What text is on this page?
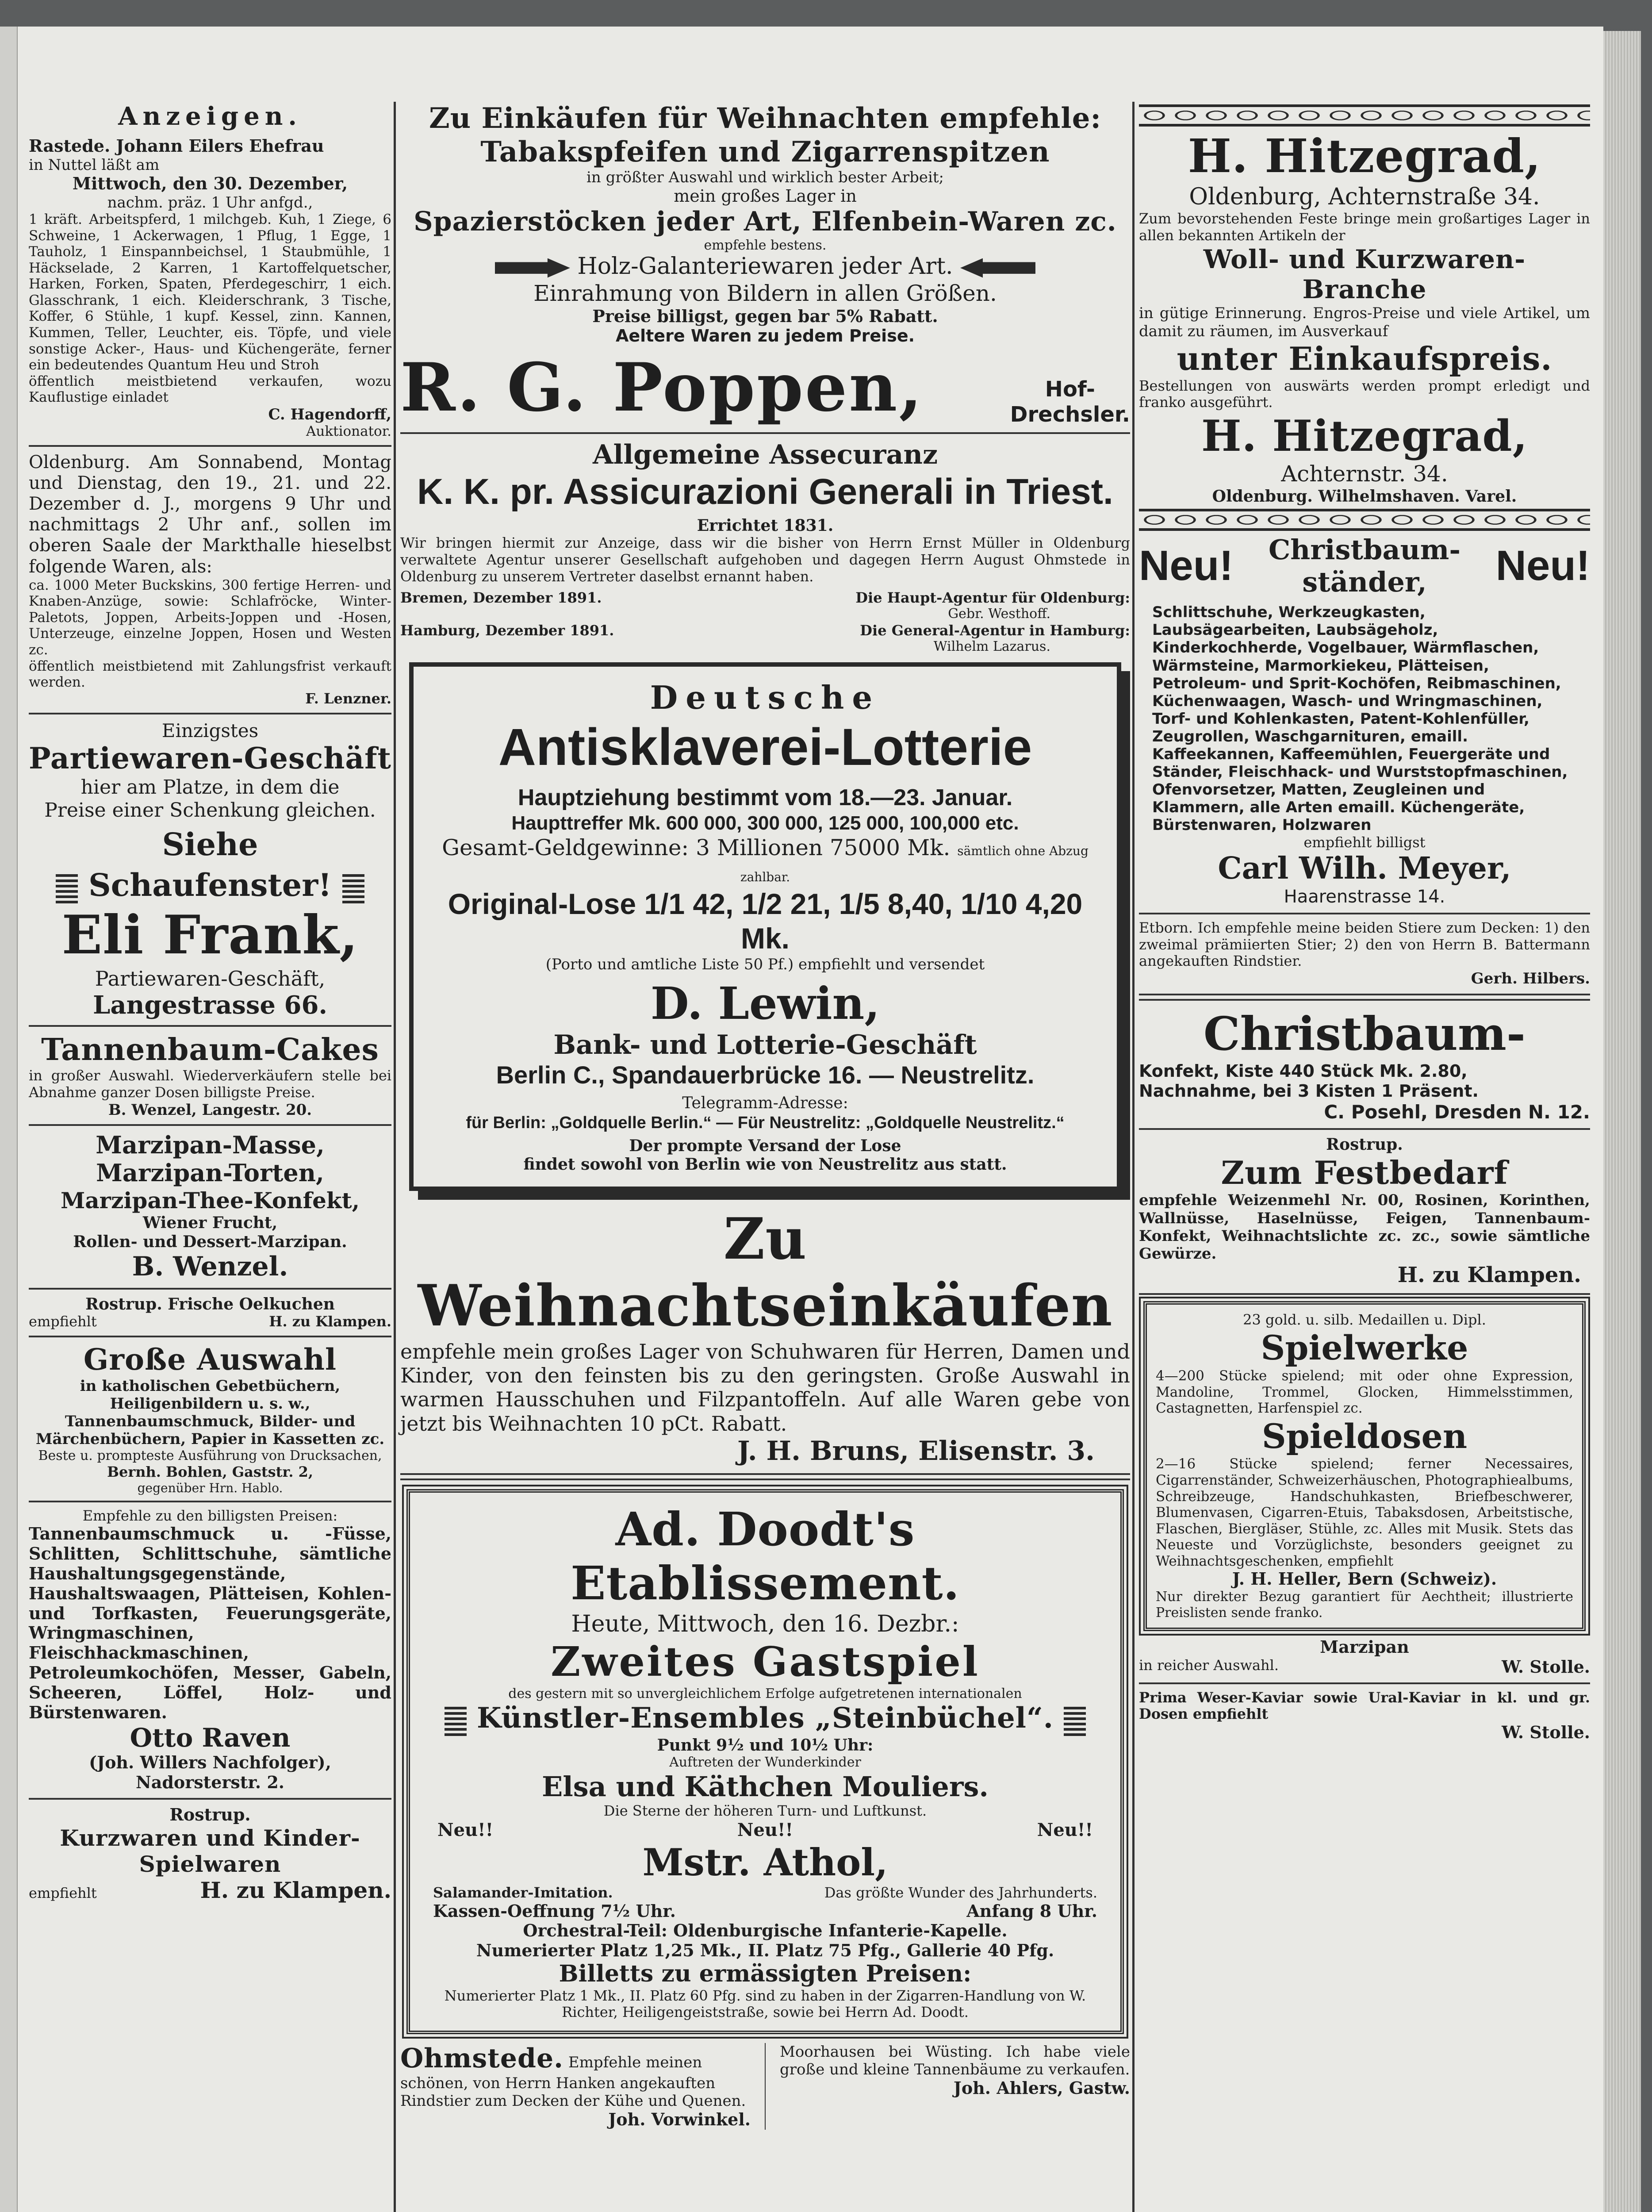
Anzeigen.

Rastede. Johann Eilers Ehefrau

in Nuttel läßt am

Mittwoch, den 30. Dezember,

nachm. präz. 1 Uhr anfgd.,

1 kräft. Arbeitspferd, 1 milchgeb. Kuh, 1 Ziege, 6 Schweine, 1 Ackerwagen, 1 Pflug, 1 Egge, 1 Tauholz, 1 Einspannbeichsel, 1 Staubmühle, 1 Häckselade, 2 Karren, 1 Kartoffelquetscher, Harken, Forken, Spaten, Pferdegeschirr, 1 eich. Glasschrank, 1 eich. Kleiderschrank, 3 Tische, Koffer, 6 Stühle, 1 kupf. Kessel, zinn. Kannen, Kummen, Teller, Leuchter, eis. Töpfe, und viele sonstige Acker-, Haus- und Küchengeräte, ferner ein bedeutendes Quantum Heu und Stroh

öffentlich meistbietend verkaufen, wozu Kauflustige einladet

C. Hagendorff,

Auktionator.

Oldenburg. Am Sonnabend, Montag und Dienstag, den 19., 21. und 22. Dezember d. J., morgens 9 Uhr und nachmittags 2 Uhr anf., sollen im oberen Saale der Markthalle hieselbst folgende Waren, als:

ca. 1000 Meter Buckskins, 300 fertige Herren- und Knaben-Anzüge, sowie: Schlafröcke, Winter-Paletots, Joppen, Arbeits-Joppen und -Hosen, Unterzeuge, einzelne Joppen, Hosen und Westen zc.

öffentlich meistbietend mit Zahlungsfrist verkauft werden.

F. Lenzner.

Einzigstes

Partiewaren-Geschäft

hier am Platze, in dem die

Preise einer Schenkung gleichen.

Siehe

Schaufenster!

Eli Frank,

Partiewaren-Geschäft,

Langestrasse 66.

Tannenbaum-Cakes

in großer Auswahl. Wiederverkäufern stelle bei Abnahme ganzer Dosen billigste Preise.

B. Wenzel, Langestr. 20.

Marzipan-Masse,

Marzipan-Torten,

Marzipan-Thee-Konfekt,

Wiener Frucht,

Rollen- und Dessert-Marzipan.

B. Wenzel.

Rostrup. Frische Oelkuchen

empfiehlt	H. zu Klampen.

Große Auswahl

in katholischen Gebetbüchern, Heiligenbildern u. s. w., Tannenbaumschmuck, Bilder- und Märchenbüchern, Papier in Kassetten zc.

Beste u. prompteste Ausführung von Drucksachen,

Bernh. Bohlen, Gaststr. 2,

gegenüber Hrn. Hablo.

Empfehle zu den billigsten Preisen:

Tannenbaumschmuck u. -Füsse, Schlitten, Schlittschuhe, sämtliche Haushaltungsgegenstände, Haushaltswaagen, Plätteisen, Kohlen- und Torfkasten, Feuerungsgeräte, Wringmaschinen, Fleischhackmaschinen, Petroleumkochöfen, Messer, Gabeln, Scheeren, Löffel, Holz- und Bürstenwaren.

Otto Raven

(Joh. Willers Nachfolger),

Nadorsterstr. 2.

Rostrup.

Kurzwaren und Kinder-

Spielwaren

empfiehlt	H. zu Klampen.

Zu Einkäufen für Weihnachten empfehle:

Tabakspfeifen und Zigarrenspitzen

in größter Auswahl und wirklich bester Arbeit;

mein großes Lager in

Spazierstöcken jeder Art, Elfenbein-Waren zc.

empfehle bestens.

Holz-Galanteriewaren jeder Art.

Einrahmung von Bildern in allen Größen.

Preise billigst, gegen bar 5% Rabatt.

Aeltere Waren zu jedem Preise.

R. G. Poppen,	Hof-

Drechsler.

Allgemeine Assecuranz

K. K. pr. Assicurazioni Generali in Triest.

Errichtet 1831.

Wir bringen hiermit zur Anzeige, dass wir die bisher von Herrn Ernst Müller in Oldenburg verwaltete Agentur unserer Gesellschaft aufgehoben und dagegen Herrn August Ohmstede in Oldenburg zu unserem Vertreter daselbst ernannt haben.

Bremen, Dezember 1891.	Die Haupt-Agentur für Oldenburg:

Gebr. Westhoff.

Hamburg, Dezember 1891.	Die General-Agentur in Hamburg:

Wilhelm Lazarus.

Deutsche

Antisklaverei-Lotterie

Hauptziehung bestimmt vom 18.—23. Januar.

Haupttreffer Mk. 600 000, 300 000, 125 000, 100,000 etc.

Gesamt-Geldgewinne: 3 Millionen 75000 Mk. sämtlich ohne Abzug zahlbar.

Original-Lose 1/1 42, 1/2 21, 1/5 8,40, 1/10 4,20 Mk.

(Porto und amtliche Liste 50 Pf.) empfiehlt und versendet

D. Lewin,

Bank- und Lotterie-Geschäft

Berlin C., Spandauerbrücke 16. — Neustrelitz.

Telegramm-Adresse:

für Berlin: „Goldquelle Berlin.“ — Für Neustrelitz: „Goldquelle Neustrelitz.“

Der prompte Versand der Lose

findet sowohl von Berlin wie von Neustrelitz aus statt.

Zu Weihnachtseinkäufen

empfehle mein großes Lager von Schuhwaren für Herren, Damen und Kinder, von den feinsten bis zu den geringsten. Große Auswahl in warmen Hausschuhen und Filzpantoffeln. Auf alle Waren gebe von jetzt bis Weihnachten 10 pCt. Rabatt.

J. H. Bruns, Elisenstr. 3.

Ad. Doodt's Etablissement.

Heute, Mittwoch, den 16. Dezbr.:

Zweites Gastspiel

des gestern mit so unvergleichlichem Erfolge aufgetretenen internationalen

Künstler-Ensembles „Steinbüchel“.

Punkt 9½ und 10½ Uhr:

Auftreten der Wunderkinder

Elsa und Käthchen Mouliers.

Die Sterne der höheren Turn- und Luftkunst.

Neu!!	Neu!!	Neu!!

Mstr. Athol,

Salamander-Imitation.	Das größte Wunder des Jahrhunderts.
Kassen-Oeffnung 7½ Uhr.	Anfang 8 Uhr.

Orchestral-Teil: Oldenburgische Infanterie-Kapelle.

Numerierter Platz 1,25 Mk., II. Platz 75 Pfg., Gallerie 40 Pfg.

Billetts zu ermässigten Preisen:

Numerierter Platz 1 Mk., II. Platz 60 Pfg. sind zu haben in der Zigarren-Handlung von W. Richter, Heiligengeiststraße, sowie bei Herrn Ad. Doodt.

Ohmstede. Empfehle meinen schönen, von Herrn Hanken angekauften Rindstier zum Decken der Kühe und Quenen.

Joh. Vorwinkel.

Moorhausen bei Wüsting. Ich habe viele große und kleine Tannenbäume zu verkaufen.

Joh. Ahlers, Gastw.

H. Hitzegrad,

Oldenburg, Achternstraße 34.

Zum bevorstehenden Feste bringe mein großartiges Lager in allen bekannten Artikeln der

Woll- und Kurzwaren-

Branche

in gütige Erinnerung. Engros-Preise und viele Artikel, um damit zu räumen, im Ausverkauf

unter Einkaufspreis.

Bestellungen von auswärts werden prompt erledigt und franko ausgeführt.

H. Hitzegrad,

Achternstr. 34.

Oldenburg. Wilhelmshaven. Varel.

Neu! Christbaum-

ständer,	Neu!

Schlittschuhe, Werkzeugkasten, Laubsägearbeiten, Laubsägeholz, Kinderkochherde, Vogelbauer, Wärmflaschen, Wärmsteine, Marmorkiekeu, Plätteisen, Petroleum- und Sprit-Kochöfen, Reibmaschinen, Küchenwaagen, Wasch- und Wringmaschinen, Torf- und Kohlenkasten, Patent-Kohlenfüller, Zeugrollen, Waschgarnituren, emaill. Kaffeekannen, Kaffeemühlen, Feuergeräte und Ständer, Fleischhack- und Wurststopfmaschinen, Ofenvorsetzer, Matten, Zeugleinen und Klammern, alle Arten emaill. Küchengeräte, Bürstenwaren, Holzwaren

empfiehlt billigst

Carl Wilh. Meyer,

Haarenstrasse 14.

Etborn. Ich empfehle meine beiden Stiere zum Decken: 1) den zweimal prämiierten Stier; 2) den von Herrn B. Battermann angekauften Rindstier.

Gerh. Hilbers.

Christbaum-

Konfekt, Kiste 440 Stück Mk. 2.80, Nachnahme, bei 3 Kisten 1 Präsent.

C. Posehl, Dresden N. 12.

Rostrup.

Zum Festbedarf

empfehle Weizenmehl Nr. 00, Rosinen, Korinthen, Wallnüsse, Haselnüsse, Feigen, Tannenbaum-Konfekt, Weihnachtslichte zc. zc., sowie sämtliche Gewürze.

H. zu Klampen.

23 gold. u. silb. Medaillen u. Dipl.

Spielwerke

4—200 Stücke spielend; mit oder ohne Expression, Mandoline, Trommel, Glocken, Himmelsstimmen, Castagnetten, Harfenspiel zc.

Spieldosen

2—16 Stücke spielend; ferner Necessaires, Cigarrenständer, Schweizerhäuschen, Photographiealbums, Schreibzeuge, Handschuhkasten, Briefbeschwerer, Blumenvasen, Cigarren-Etuis, Tabaksdosen, Arbeitstische, Flaschen, Biergläser, Stühle, zc. Alles mit Musik. Stets das Neueste und Vorzüglichste, besonders geeignet zu Weihnachtsgeschenken, empfiehlt

J. H. Heller, Bern (Schweiz).

Nur direkter Bezug garantiert für Aechtheit; illustrierte Preislisten sende franko.

Marzipan

in reicher Auswahl.	W. Stolle.

Prima Weser-Kaviar sowie Ural-Kaviar in kl. und gr. Dosen empfiehlt

W. Stolle.
